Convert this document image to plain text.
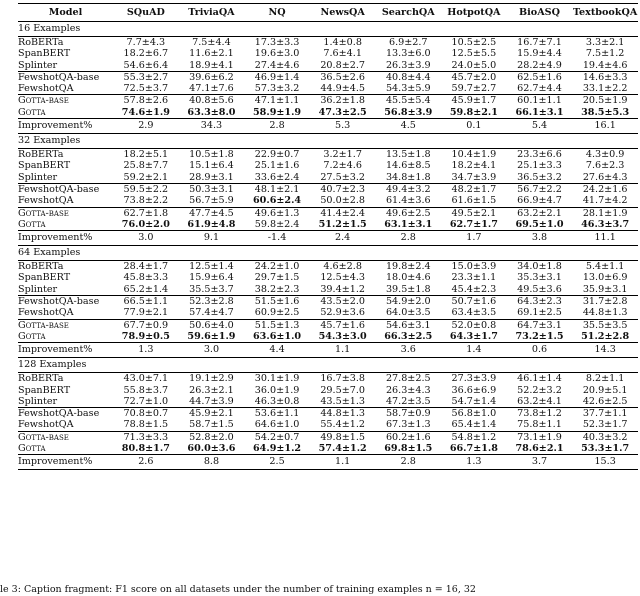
Model	SQuAD	TriviaQA	NQ	NewsQA	SearchQA	HotpotQA	BioASQ	TextbookQA
16 Examples								
RoBERTa	7.7±4.3	7.5±4.4	17.3±3.3	1.4±0.8	6.9±2.7	10.5±2.5	16.7±7.1	3.3±2.1
SpanBERT	18.2±6.7	11.6±2.1	19.6±3.0	7.6±4.1	13.3±6.0	12.5±5.5	15.9±4.4	7.5±1.2
Splinter	54.6±6.4	18.9±4.1	27.4±4.6	20.8±2.7	26.3±3.9	24.0±5.0	28.2±4.9	19.4±4.6
FewshotQA-base	55.3±2.7	39.6±6.2	46.9±1.4	36.5±2.6	40.8±4.4	45.7±2.0	62.5±1.6	14.6±3.3
FewshotQA	72.5±3.7	47.1±7.6	57.3±3.2	44.9±4.5	54.3±5.9	59.7±2.7	62.7±4.4	33.1±2.2
Gotta-base	57.8±2.6	40.8±5.6	47.1±1.1	36.2±1.8	45.5±5.4	45.9±1.7	60.1±1.1	20.5±1.9
Gotta	74.6±1.9	63.3±8.0	58.9±1.9	47.3±2.5	56.8±3.9	59.8±2.1	66.1±3.1	38.5±5.3
Improvement%	2.9	34.3	2.8	5.3	4.5	0.1	5.4	16.1
32 Examples								
RoBERTa	18.2±5.1	10.5±1.8	22.9±0.7	3.2±1.7	13.5±1.8	10.4±1.9	23.3±6.6	4.3±0.9
SpanBERT	25.8±7.7	15.1±6.4	25.1±1.6	7.2±4.6	14.6±8.5	18.2±4.1	25.1±3.3	7.6±2.3
Splinter	59.2±2.1	28.9±3.1	33.6±2.4	27.5±3.2	34.8±1.8	34.7±3.9	36.5±3.2	27.6±4.3
FewshotQA-base	59.5±2.2	50.3±3.1	48.1±2.1	40.7±2.3	49.4±3.2	48.2±1.7	56.7±2.2	24.2±1.6
FewshotQA	73.8±2.2	56.7±5.9	60.6±2.4	50.0±2.8	61.4±3.6	61.6±1.5	66.9±4.7	41.7±4.2
Gotta-base	62.7±1.8	47.7±4.5	49.6±1.3	41.4±2.4	49.6±2.5	49.5±2.1	63.2±2.1	28.1±1.9
Gotta	76.0±2.0	61.9±4.8	59.8±2.4	51.2±1.5	63.1±3.1	62.7±1.7	69.5±1.0	46.3±3.7
Improvement%	3.0	9.1	-1.4	2.4	2.8	1.7	3.8	11.1
64 Examples								
RoBERTa	28.4±1.7	12.5±1.4	24.2±1.0	4.6±2.8	19.8±2.4	15.0±3.9	34.0±1.8	5.4±1.1
SpanBERT	45.8±3.3	15.9±6.4	29.7±1.5	12.5±4.3	18.0±4.6	23.3±1.1	35.3±3.1	13.0±6.9
Splinter	65.2±1.4	35.5±3.7	38.2±2.3	39.4±1.2	39.5±1.8	45.4±2.3	49.5±3.6	35.9±3.1
FewshotQA-base	66.5±1.1	52.3±2.8	51.5±1.6	43.5±2.0	54.9±2.0	50.7±1.6	64.3±2.3	31.7±2.8
FewshotQA	77.9±2.1	57.4±4.7	60.9±2.5	52.9±3.6	64.0±3.5	63.4±3.5	69.1±2.5	44.8±1.3
Gotta-base	67.7±0.9	50.6±4.0	51.5±1.3	45.7±1.6	54.6±3.1	52.0±0.8	64.7±3.1	35.5±3.5
Gotta	78.9±0.5	59.6±1.9	63.6±1.0	54.3±3.0	66.3±2.5	64.3±1.7	73.2±1.5	51.2±2.8
Improvement%	1.3	3.0	4.4	1.1	3.6	1.4	0.6	14.3
128 Examples								
RoBERTa	43.0±7.1	19.1±2.9	30.1±1.9	16.7±3.8	27.8±2.5	27.3±3.9	46.1±1.4	8.2±1.1
SpanBERT	55.8±3.7	26.3±2.1	36.0±1.9	29.5±7.0	26.3±4.3	36.6±6.9	52.2±3.2	20.9±5.1
Splinter	72.7±1.0	44.7±3.9	46.3±0.8	43.5±1.3	47.2±3.5	54.7±1.4	63.2±4.1	42.6±2.5
FewshotQA-base	70.8±0.7	45.9±2.1	53.6±1.1	44.8±1.3	58.7±0.9	56.8±1.0	73.8±1.2	37.7±1.1
FewshotQA	78.8±1.5	58.7±1.5	64.6±1.0	55.4±1.2	67.3±1.3	65.4±1.4	75.8±1.1	52.3±1.7
Gotta-base	71.3±3.3	52.8±2.0	54.2±0.7	49.8±1.5	60.2±1.6	54.8±1.2	73.1±1.9	40.3±3.2
Gotta	80.8±1.7	60.0±3.6	64.9±1.2	57.4±1.2	69.8±1.5	66.7±1.8	78.6±2.1	53.3±1.7
Improvement%	2.6	8.8	2.5	1.1	2.8	1.3	3.7	15.3
le 3: Caption fragment: F1 score on all datasets under the number of training examples n = 16, 32
